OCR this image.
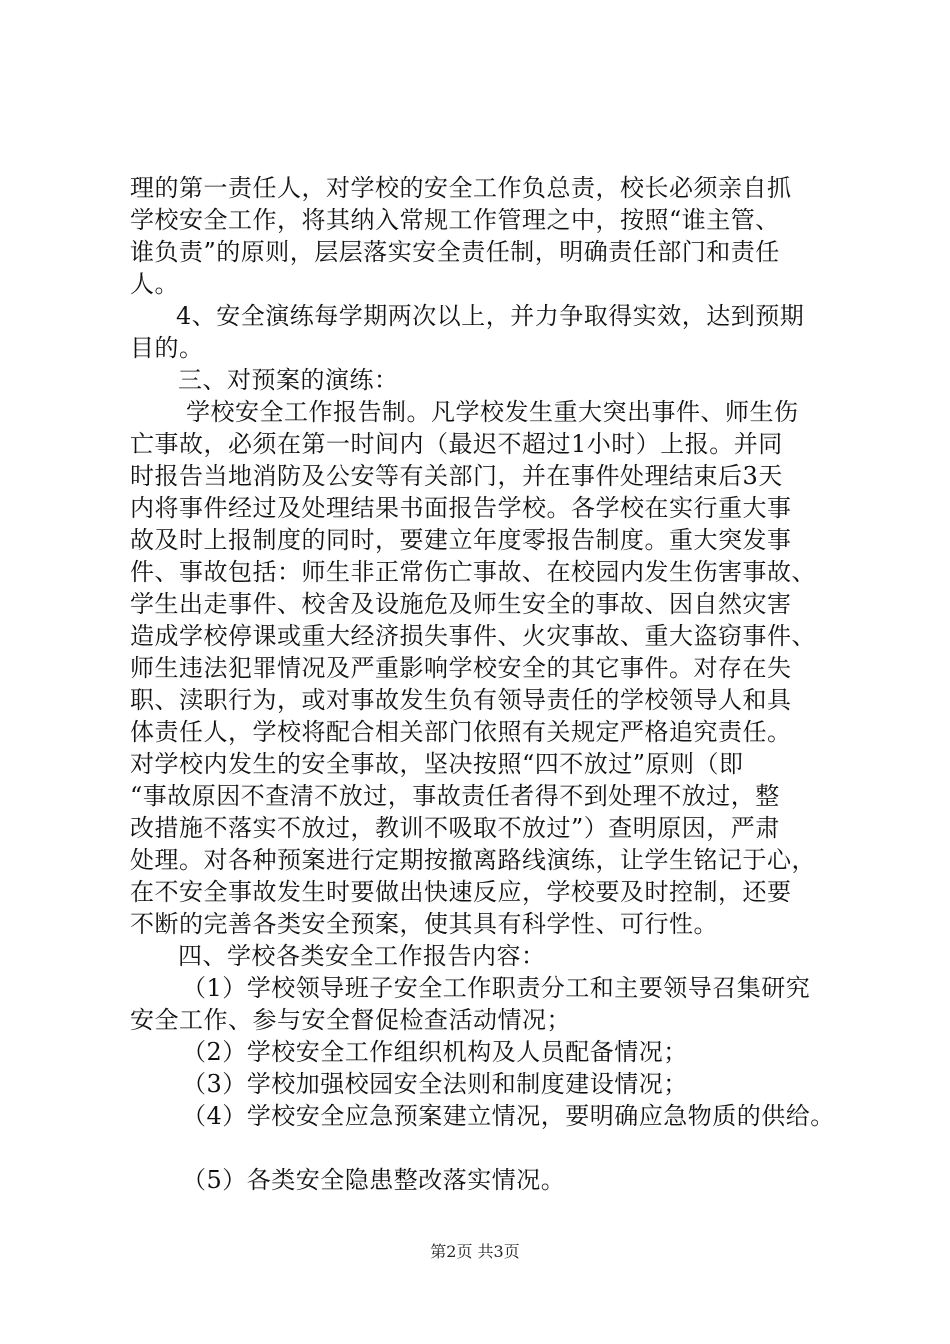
理的第一责任人，对学校的安全工作负总责，校长必须亲自抓
学校安全工作，将其纳入常规工作管理之中，按照“谁主管、
谁负责”的原则，层层落实安全责任制，明确责任部门和责任
人。
4、安全演练每学期两次以上，并力争取得实效，达到预期
目的。
三、对预案的演练：
学校安全工作报告制。凡学校发生重大突出事件、师生伤
亡事故，必须在第一时间内（最迟不超过1小时）上报。并同
时报告当地消防及公安等有关部门，并在事件处理结束后3天
内将事件经过及处理结果书面报告学校。各学校在实行重大事
故及时上报制度的同时，要建立年度零报告制度。重大突发事
件、事故包括：师生非正常伤亡事故、在校园内发生伤害事故、
学生出走事件、校舍及设施危及师生安全的事故、因自然灾害
造成学校停课或重大经济损失事件、火灾事故、重大盗窃事件、
师生违法犯罪情况及严重影响学校安全的其它事件。对存在失
职、渎职行为，或对事故发生负有领导责任的学校领导人和具
体责任人，学校将配合相关部门依照有关规定严格追究责任。
对学校内发生的安全事故，坚决按照“四不放过”原则（即
“事故原因不查清不放过，事故责任者得不到处理不放过，整
改措施不落实不放过，教训不吸取不放过”）查明原因，严肃
处理。对各种预案进行定期按撤离路线演练，让学生铭记于心，
在不安全事故发生时要做出快速反应，学校要及时控制，还要
不断的完善各类安全预案，使其具有科学性、可行性。
四、学校各类安全工作报告内容：
（1）学校领导班子安全工作职责分工和主要领导召集研究
安全工作、参与安全督促检查活动情况；
（2）学校安全工作组织机构及人员配备情况；
（3）学校加强校园安全法则和制度建设情况；
（4）学校安全应急预案建立情况，要明确应急物质的供给。
（5）各类安全隐患整改落实情况。
第2页 共3页
